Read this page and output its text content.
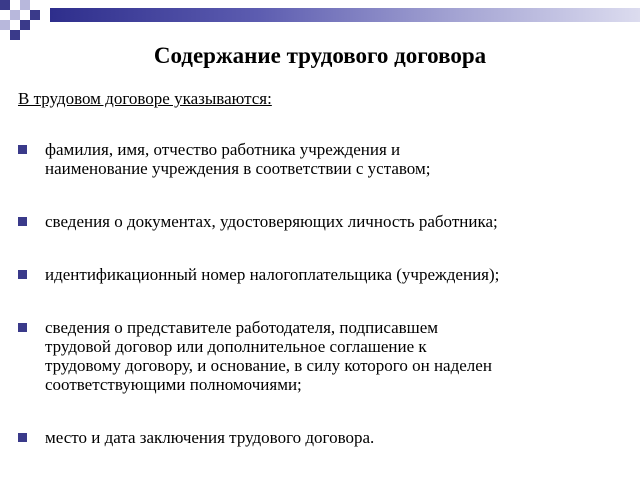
Содержание трудового договора
В трудовом договоре указываются:
фамилия, имя, отчество работника учреждения и
наименование учреждения в соответствии с уставом;
сведения о документах, удостоверяющих личность работника;
идентификационный номер налогоплательщика (учреждения);
сведения о представителе работодателя, подписавшем
трудовой договор или дополнительное соглашение к
трудовому договору, и основание, в силу которого он наделен
соответствующими полномочиями;
место и дата заключения трудового договора.
